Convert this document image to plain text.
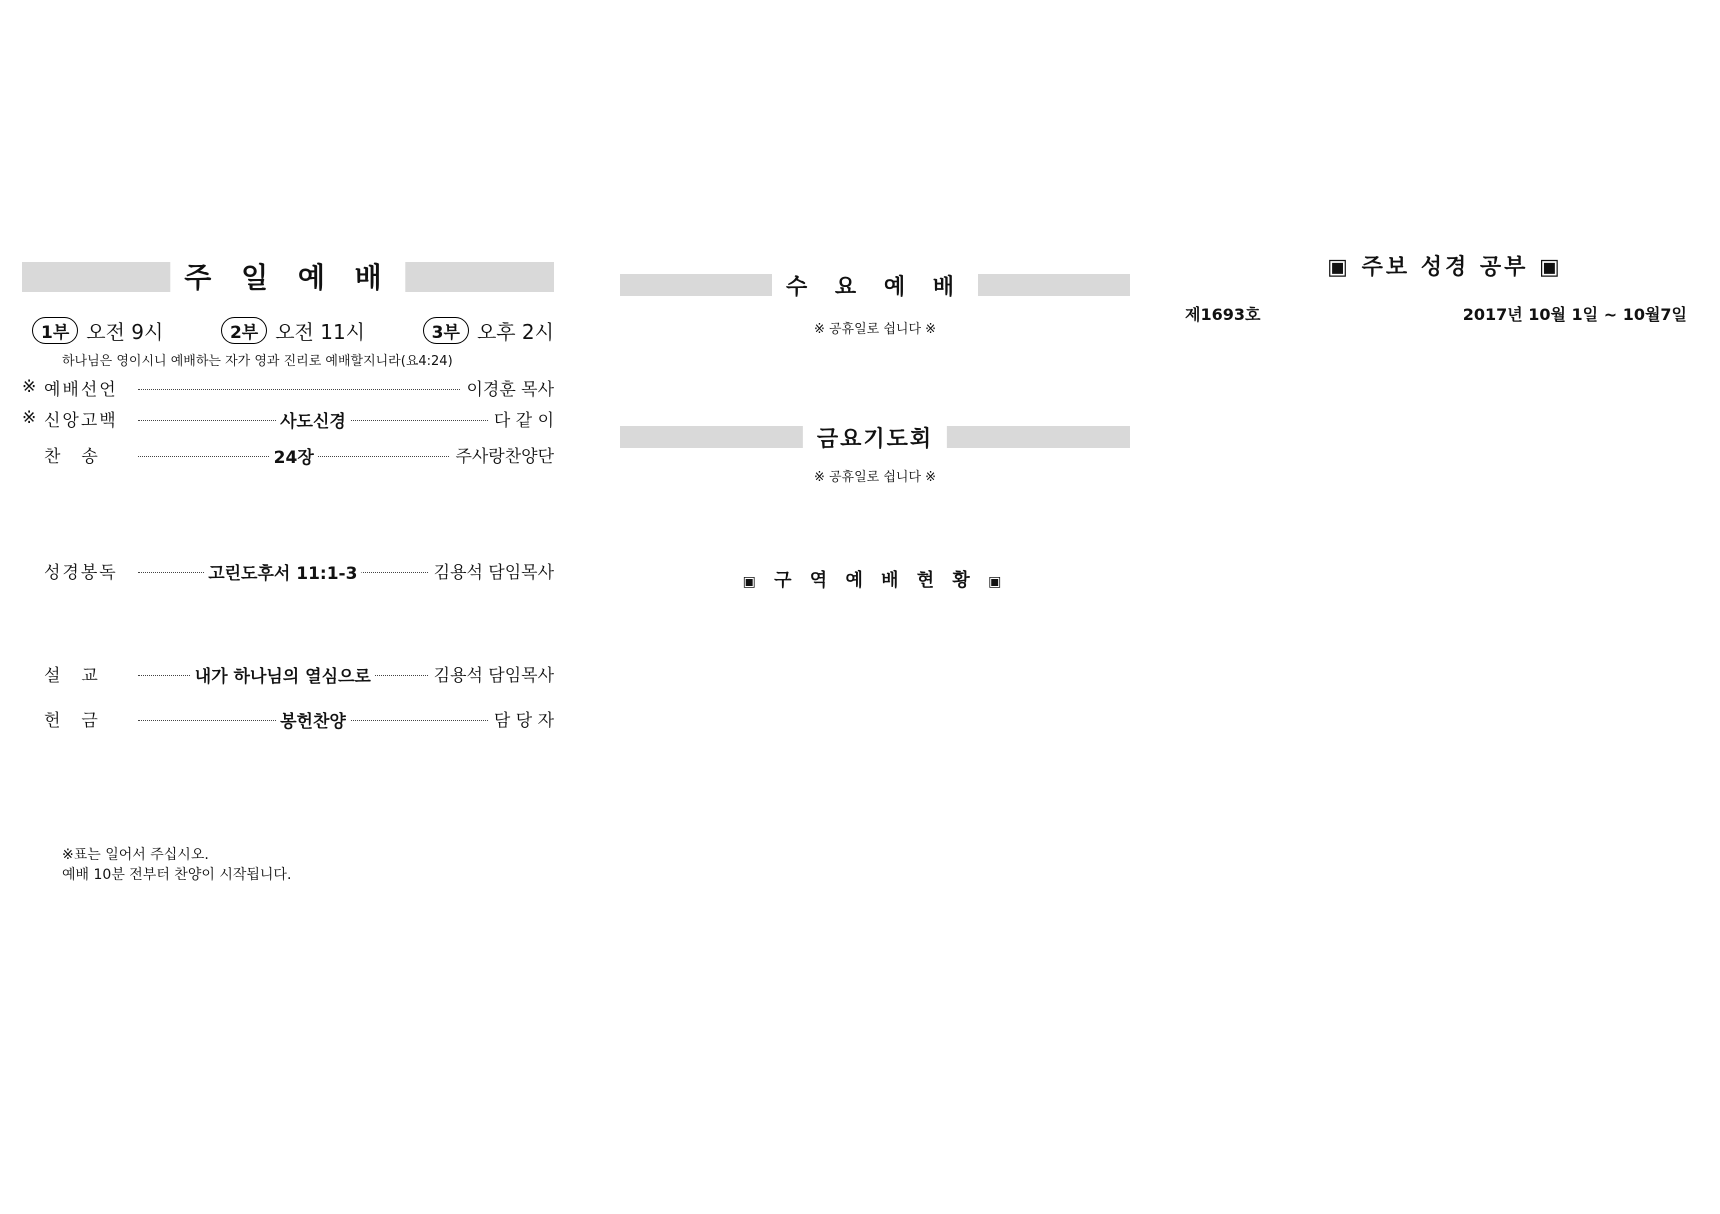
주 일 예 배
1부 오전 9시	2부 오전 11시	3부 오후 2시
하나님은 영이시니 예배하는 자가 영과 진리로 예배할지니라(요4:24)
※ 예배선언	이경훈 목사
※ 신앙고백	사도신경	다 같 이
찬　송	24장	주사랑찬양단
성경봉독	고린도후서 11:1-3	김용석 담임목사
설　교	내가 하나님의 열심으로	김용석 담임목사
헌　금	봉헌찬양	담 당 자
※표는 일어서 주십시오.
예배 10분 전부터 찬양이 시작됩니다.
수 요 예 배
※ 공휴일로 쉽니다 ※
금요기도회
※ 공휴일로 쉽니다 ※
▣ 구 역 예 배 현 황 ▣
▣ 주보 성경 공부 ▣
제1693호	2017년 10월 1일 ~ 10월7일
